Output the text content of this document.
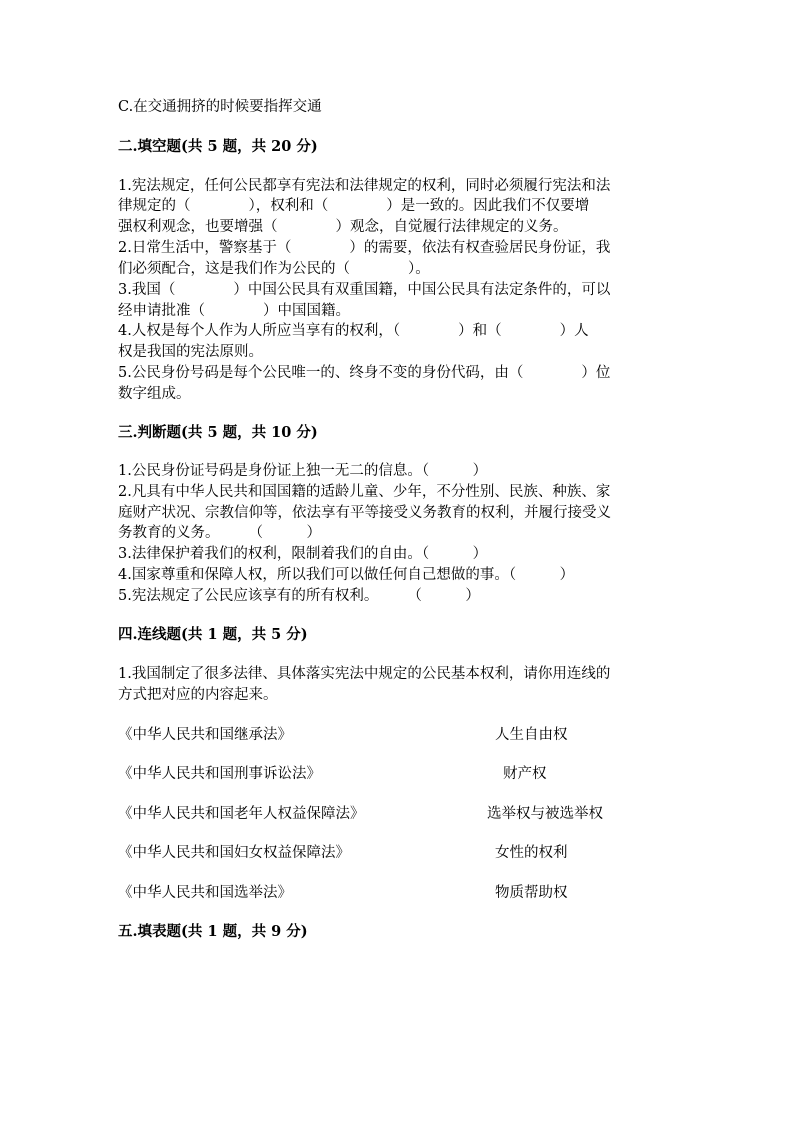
C.在交通拥挤的时候要指挥交通
二.填空题(共 5 题，共 20 分)
1.宪法规定，任何公民都享有宪法和法律规定的权利，同时必须履行宪法和法
律规定的（　　　　），权利和（　　　　）是一致的。因此我们不仅要增
强权利观念，也要增强（　　　　）观念，自觉履行法律规定的义务。
2.日常生活中，警察基于（　　　　）的需要，依法有权查验居民身份证，我
们必须配合，这是我们作为公民的（　　　　）。
3.我国（　　　　）中国公民具有双重国籍，中国公民具有法定条件的，可以
经申请批准（　　　　）中国国籍。
4.人权是每个人作为人所应当享有的权利，（　　　　）和（　　　　）人
权是我国的宪法原则。
5.公民身份号码是每个公民唯一的、终身不变的身份代码，由（　　　　）位
数字组成。
三.判断题(共 5 题，共 10 分)
1.公民身份证号码是身份证上独一无二的信息。（　　　）
2.凡具有中华人民共和国国籍的适龄儿童、少年，不分性别、民族、种族、家
庭财产状况、宗教信仰等，依法享有平等接受义务教育的权利，并履行接受义
务教育的义务。　　　（　　　）
3.法律保护着我们的权利，限制着我们的自由。（　　　）
4.国家尊重和保障人权，所以我们可以做任何自己想做的事。（　　　）
5.宪法规定了公民应该享有的所有权利。　　　（　　　）
四.连线题(共 1 题，共 5 分)
1.我国制定了很多法律、具体落实宪法中规定的公民基本权利，请你用连线的
方式把对应的内容起来。
《中华人民共和国继承法》
《中华人民共和国刑事诉讼法》
《中华人民共和国老年人权益保障法》
《中华人民共和国妇女权益保障法》
《中华人民共和国选举法》
人生自由权
财产权
选举权与被选举权
女性的权利
物质帮助权
五.填表题(共 1 题，共 9 分)
